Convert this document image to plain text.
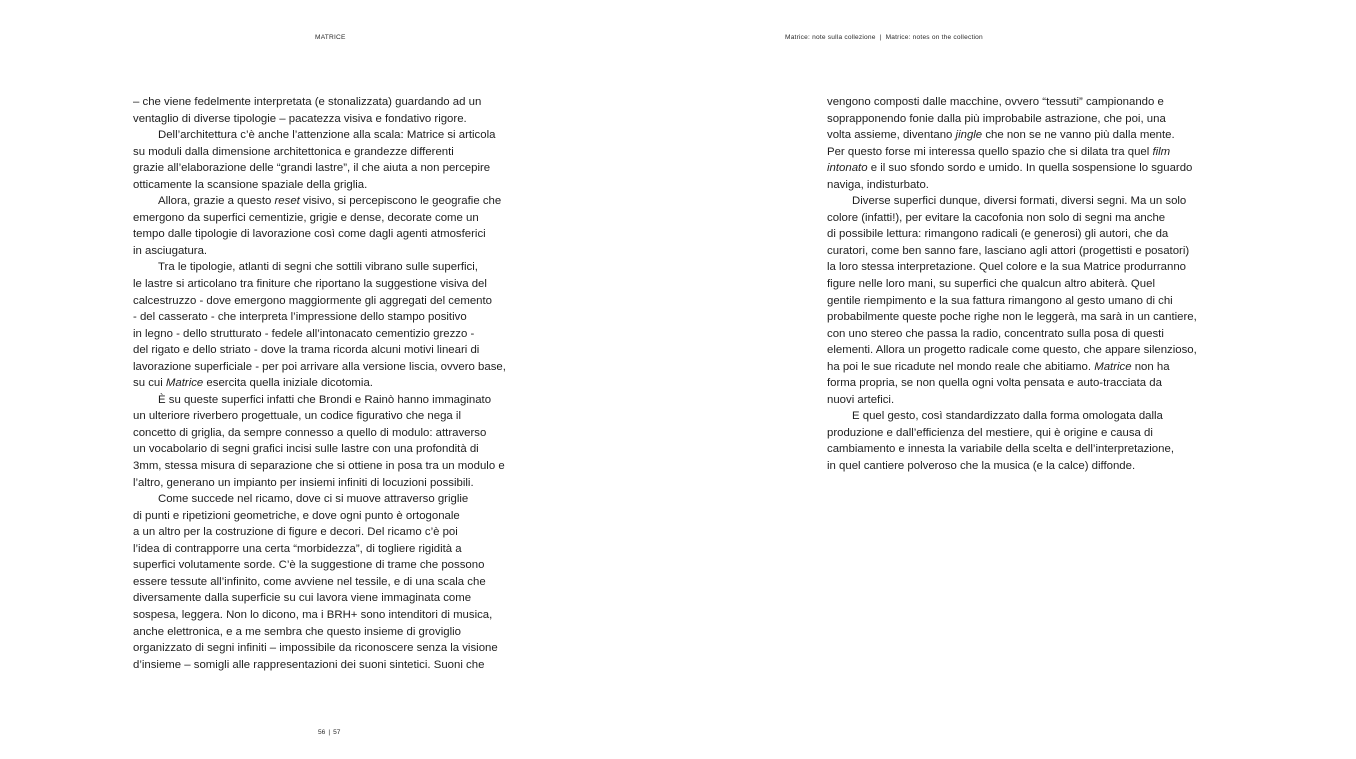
MATRICE	Matrice: note sulla collezione | Matrice: notes on the collection
– che viene fedelmente interpretata (e stonalizzata) guardando ad un
ventaglio di diverse tipologie – pacatezza visiva e fondativo rigore.
Dell’architettura c’è anche l’attenzione alla scala: Matrice si articola
su moduli dalla dimensione architettonica e grandezze differenti
grazie all’elaborazione delle “grandi lastre”, il che aiuta a non percepire
otticamente la scansione spaziale della griglia.
Allora, grazie a questo reset visivo, si percepiscono le geografie che
emergono da superfici cementizie, grigie e dense, decorate come un
tempo dalle tipologie di lavorazione così come dagli agenti atmosferici
in asciugatura.
Tra le tipologie, atlanti di segni che sottili vibrano sulle superfici,
le lastre si articolano tra finiture che riportano la suggestione visiva del
calcestruzzo - dove emergono maggiormente gli aggregati del cemento
- del casserato - che interpreta l’impressione dello stampo positivo
in legno - dello strutturato - fedele all’intonacato cementizio grezzo -
del rigato e dello striato - dove la trama ricorda alcuni motivi lineari di
lavorazione superficiale - per poi arrivare alla versione liscia, ovvero base,
su cui Matrice esercita quella iniziale dicotomia.
È su queste superfici infatti che Brondi e Rainò hanno immaginato
un ulteriore riverbero progettuale, un codice figurativo che nega il
concetto di griglia, da sempre connesso a quello di modulo: attraverso
un vocabolario di segni grafici incisi sulle lastre con una profondità di
3mm, stessa misura di separazione che si ottiene in posa tra un modulo e
l’altro, generano un impianto per insiemi infiniti di locuzioni possibili.
Come succede nel ricamo, dove ci si muove attraverso griglie
di punti e ripetizioni geometriche, e dove ogni punto è ortogonale
a un altro per la costruzione di figure e decori. Del ricamo c’è poi
l’idea di contrapporre una certa “morbidezza”, di togliere rigidità a
superfici volutamente sorde. C’è la suggestione di trame che possono
essere tessute all’infinito, come avviene nel tessile, e di una scala che
diversamente dalla superficie su cui lavora viene immaginata come
sospesa, leggera. Non lo dicono, ma i BRH+ sono intenditori di musica,
anche elettronica, e a me sembra che questo insieme di groviglio
organizzato di segni infiniti – impossibile da riconoscere senza la visione
d’insieme – somigli alle rappresentazioni dei suoni sintetici. Suoni che
vengono composti dalle macchine, ovvero “tessuti” campionando e
soprapponendo fonie dalla più improbabile astrazione, che poi, una
volta assieme, diventano jingle che non se ne vanno più dalla mente.
Per questo forse mi interessa quello spazio che si dilata tra quel film
intonato e il suo sfondo sordo e umido. In quella sospensione lo sguardo
naviga, indisturbato.
Diverse superfici dunque, diversi formati, diversi segni. Ma un solo
colore (infatti!), per evitare la cacofonia non solo di segni ma anche
di possibile lettura: rimangono radicali (e generosi) gli autori, che da
curatori, come ben sanno fare, lasciano agli attori (progettisti e posatori)
la loro stessa interpretazione. Quel colore e la sua Matrice produrranno
figure nelle loro mani, su superfici che qualcun altro abiterà. Quel
gentile riempimento e la sua fattura rimangono al gesto umano di chi
probabilmente queste poche righe non le leggerà, ma sarà in un cantiere,
con uno stereo che passa la radio, concentrato sulla posa di questi
elementi. Allora un progetto radicale come questo, che appare silenzioso,
ha poi le sue ricadute nel mondo reale che abitiamo. Matrice non ha
forma propria, se non quella ogni volta pensata e auto-tracciata da
nuovi artefici.
E quel gesto, così standardizzato dalla forma omologata dalla
produzione e dall’efficienza del mestiere, qui è origine e causa di
cambiamento e innesta la variabile della scelta e dell’interpretazione,
in quel cantiere polveroso che la musica (e la calce) diffonde.
56 | 57
